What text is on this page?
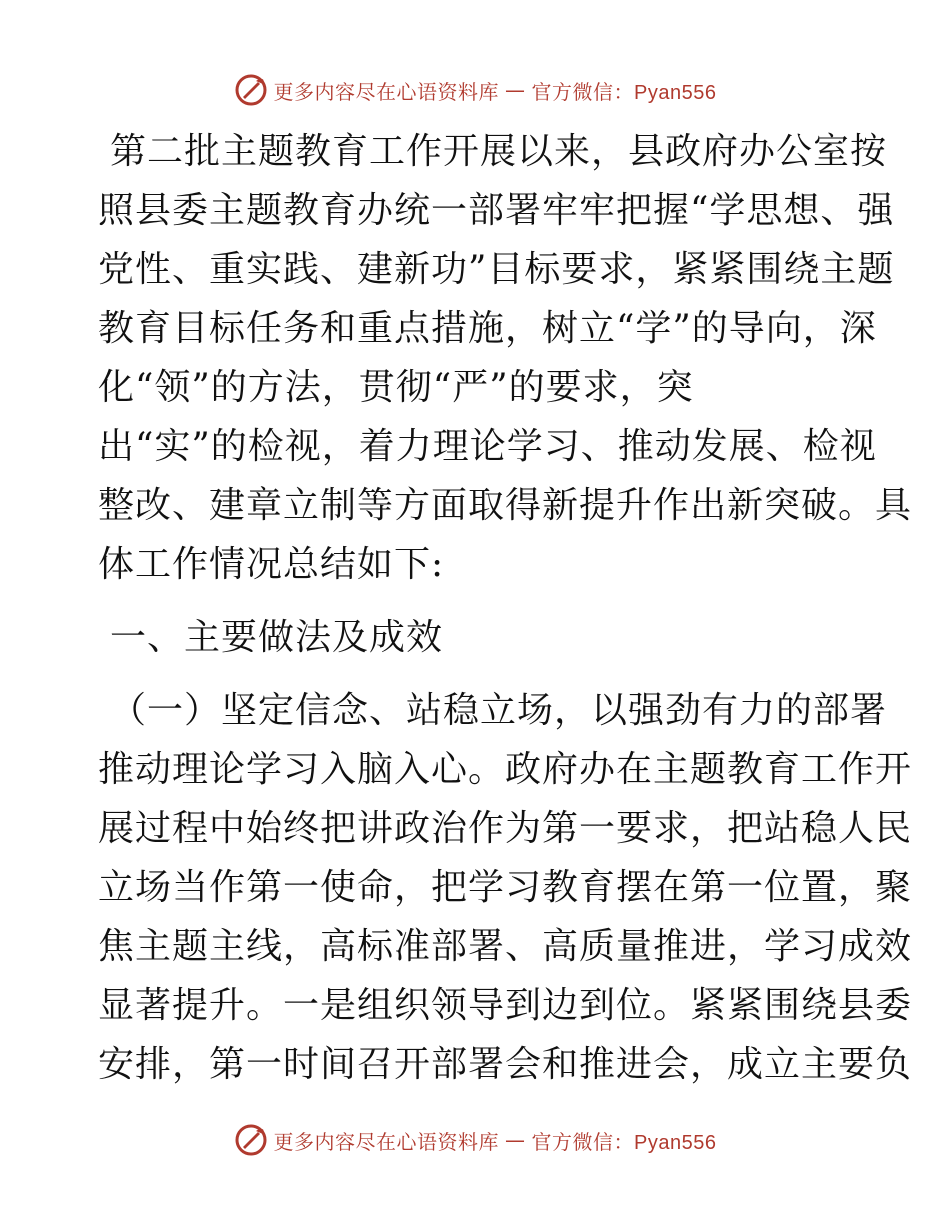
更多内容尽在心语资料库 — 官方微信：Pyan556
第二批主题教育工作开展以来，县政府办公室按
照县委主题教育办统一部署牢牢把握“学思想、强
党性、重实践、建新功”目标要求，紧紧围绕主题
教育目标任务和重点措施，树立“学”的导向，深
化“领”的方法，贯彻“严”的要求，突
出“实”的检视，着力理论学习、推动发展、检视
整改、建章立制等方面取得新提升作出新突破。具
体工作情况总结如下:
一、主要做法及成效
（一）坚定信念、站稳立场，以强劲有力的部署
推动理论学习入脑入心。政府办在主题教育工作开
展过程中始终把讲政治作为第一要求，把站稳人民
立场当作第一使命，把学习教育摆在第一位置，聚
焦主题主线，高标准部署、高质量推进，学习成效
显著提升。一是组织领导到边到位。紧紧围绕县委
安排，第一时间召开部署会和推进会，成立主要负
更多内容尽在心语资料库 — 官方微信：Pyan556
